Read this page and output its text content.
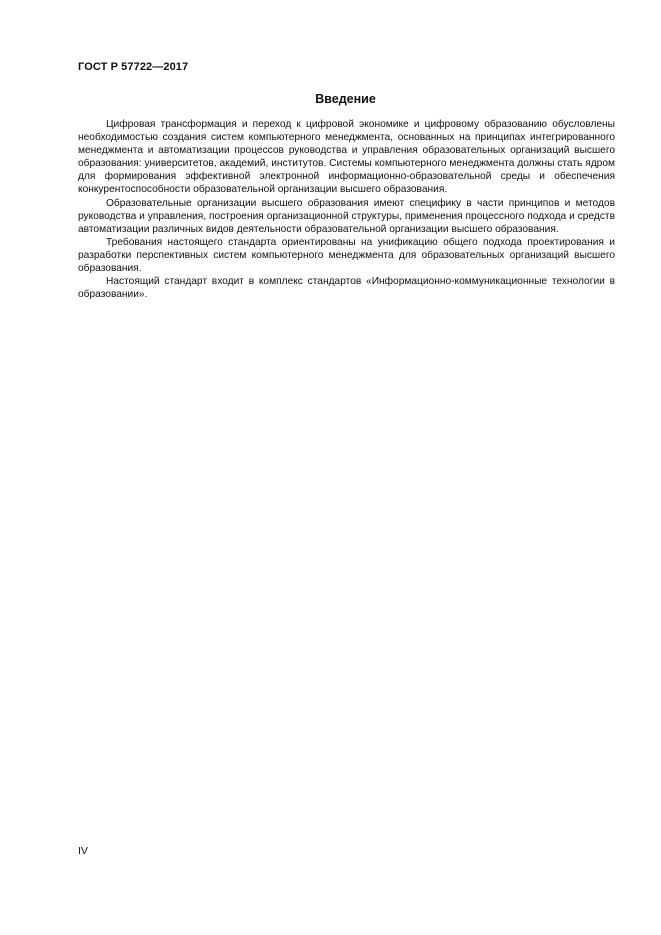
ГОСТ Р 57722—2017
Введение

Цифровая трансформация и переход к цифровой экономике и цифровому образованию обусловлены необходимостью создания систем компьютерного менеджмента, основанных на принципах интегрированного менеджмента и автоматизации процессов руководства и управления образовательных организаций высшего образования: университетов, академий, институтов. Системы компьютерного менеджмента должны стать ядром для формирования эффективной электронной информационно-образовательной среды и обеспечения конкурентоспособности образовательной организации высшего образования.

Образовательные организации высшего образования имеют специфику в части принципов и методов руководства и управления, построения организационной структуры, применения процессного подхода и средств автоматизации различных видов деятельности образовательной организации высшего образования.

Требования настоящего стандарта ориентированы на унификацию общего подхода проектирования и разработки перспективных систем компьютерного менеджмента для образовательных организаций высшего образования.

Настоящий стандарт входит в комплекс стандартов «Информационно-коммуникационные технологии в образовании».

IV
